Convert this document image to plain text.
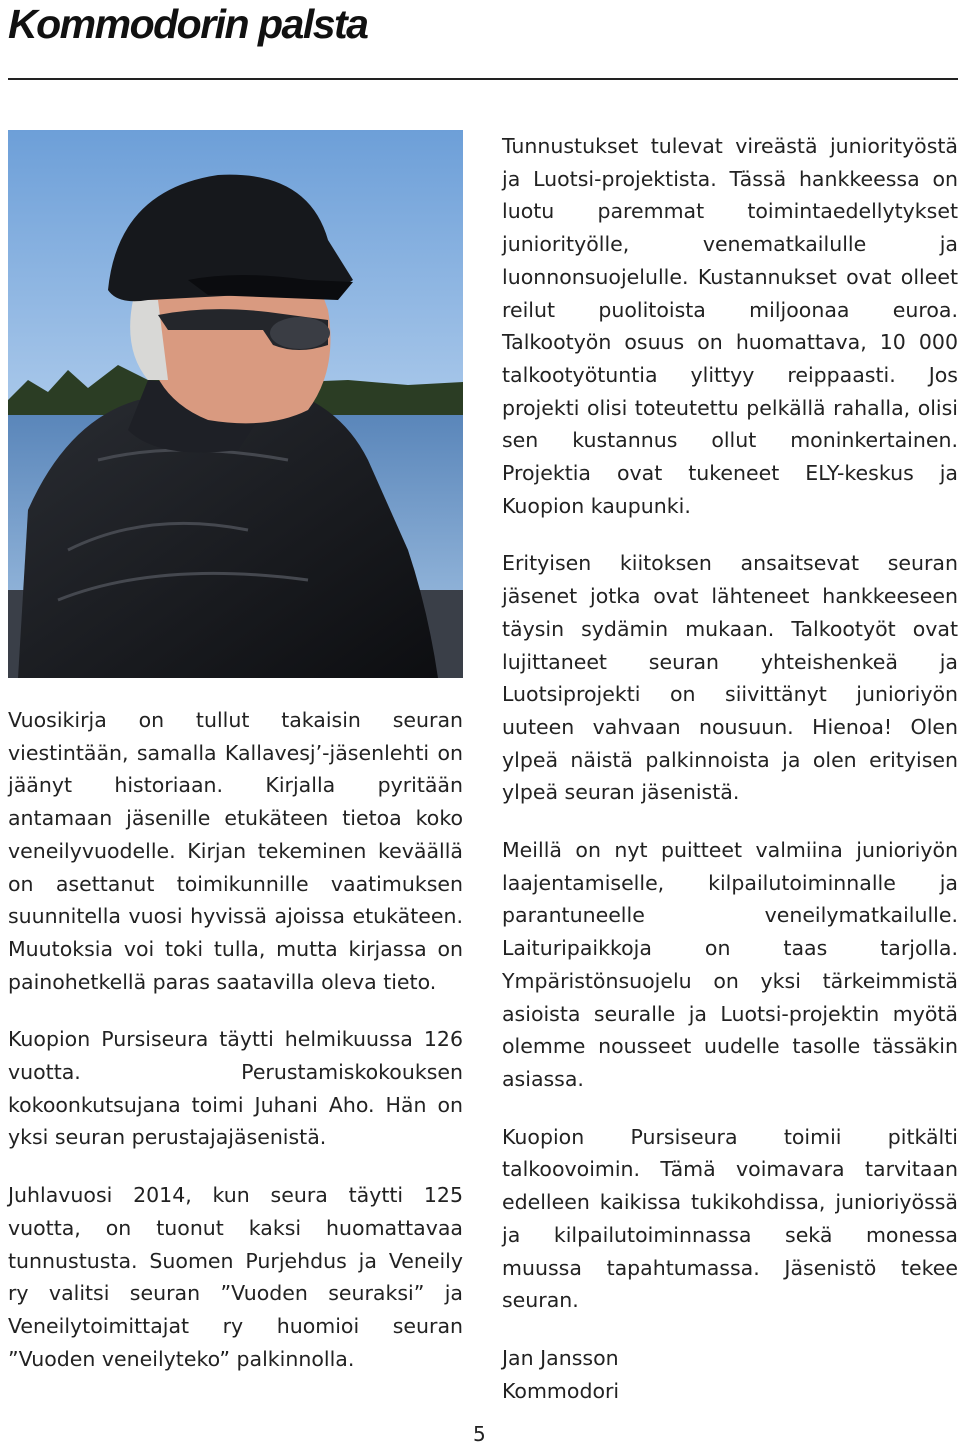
Kommodorin palsta

Vuosikirja on tullut takaisin seuran viestintään, samalla Kallavesj’-jäsenlehti on jäänyt historiaan. Kirjalla pyritään antamaan jäsenille etukäteen tietoa koko veneilyvuodelle. Kirjan tekeminen keväällä on asettanut toimikunnille vaatimuksen suunnitella vuosi hyvissä ajoissa etukäteen. Muutoksia voi toki tulla, mutta kirjassa on painohetkellä paras saatavilla oleva tieto.

Kuopion Pursiseura täytti helmikuussa 126 vuotta. Perustamiskokouksen kokoonkutsujana toimi Juhani Aho. Hän on yksi seuran perustajajäsenistä.

Juhlavuosi 2014, kun seura täytti 125 vuotta, on tuonut kaksi huomattavaa tunnustusta. Suomen Purjehdus ja Veneily ry valitsi seuran ”Vuoden seuraksi” ja Veneilytoimittajat ry huomioi seuran ”Vuoden veneilyteko” palkinnolla.

Tunnustukset tulevat vireästä juniorityöstä ja Luotsi-projektista. Tässä hankkeessa on luotu paremmat toimintaedellytykset juniorityölle, venematkailulle ja luonnonsuojelulle. Kustannukset ovat olleet reilut puolitoista miljoonaa euroa. Talkootyön osuus on huomattava, 10 000 talkootyötuntia ylittyy reippaasti. Jos projekti olisi toteutettu pelkällä rahalla, olisi sen kustannus ollut moninkertainen. Projektia ovat tukeneet ELY-keskus ja Kuopion kaupunki.

Erityisen kiitoksen ansaitsevat seuran jäsenet jotka ovat lähteneet hankkeeseen täysin sydämin mukaan. Talkootyöt ovat lujittaneet seuran yhteishenkeä ja Luotsiprojekti on siivittänyt junioriyön uuteen vahvaan nousuun. Hienoa! Olen ylpeä näistä palkinnoista ja olen erityisen ylpeä seuran jäsenistä.

Meillä on nyt puitteet valmiina junioriyön laajentamiselle, kilpailutoiminnalle ja parantuneelle veneilymatkailulle. Laituripaikkoja on taas tarjolla. Ympäristönsuojelu on yksi tärkeimmistä asioista seuralle ja Luotsi-projektin myötä olemme nousseet uudelle tasolle tässäkin asiassa.

Kuopion Pursiseura toimii pitkälti talkoovoimin. Tämä voimavara tarvitaan edelleen kaikissa tukikohdissa, junioriyössä ja kilpailutoiminnassa sekä monessa muussa tapahtumassa. Jäsenistö tekee seuran.

Jan Jansson
Kommodori
5
